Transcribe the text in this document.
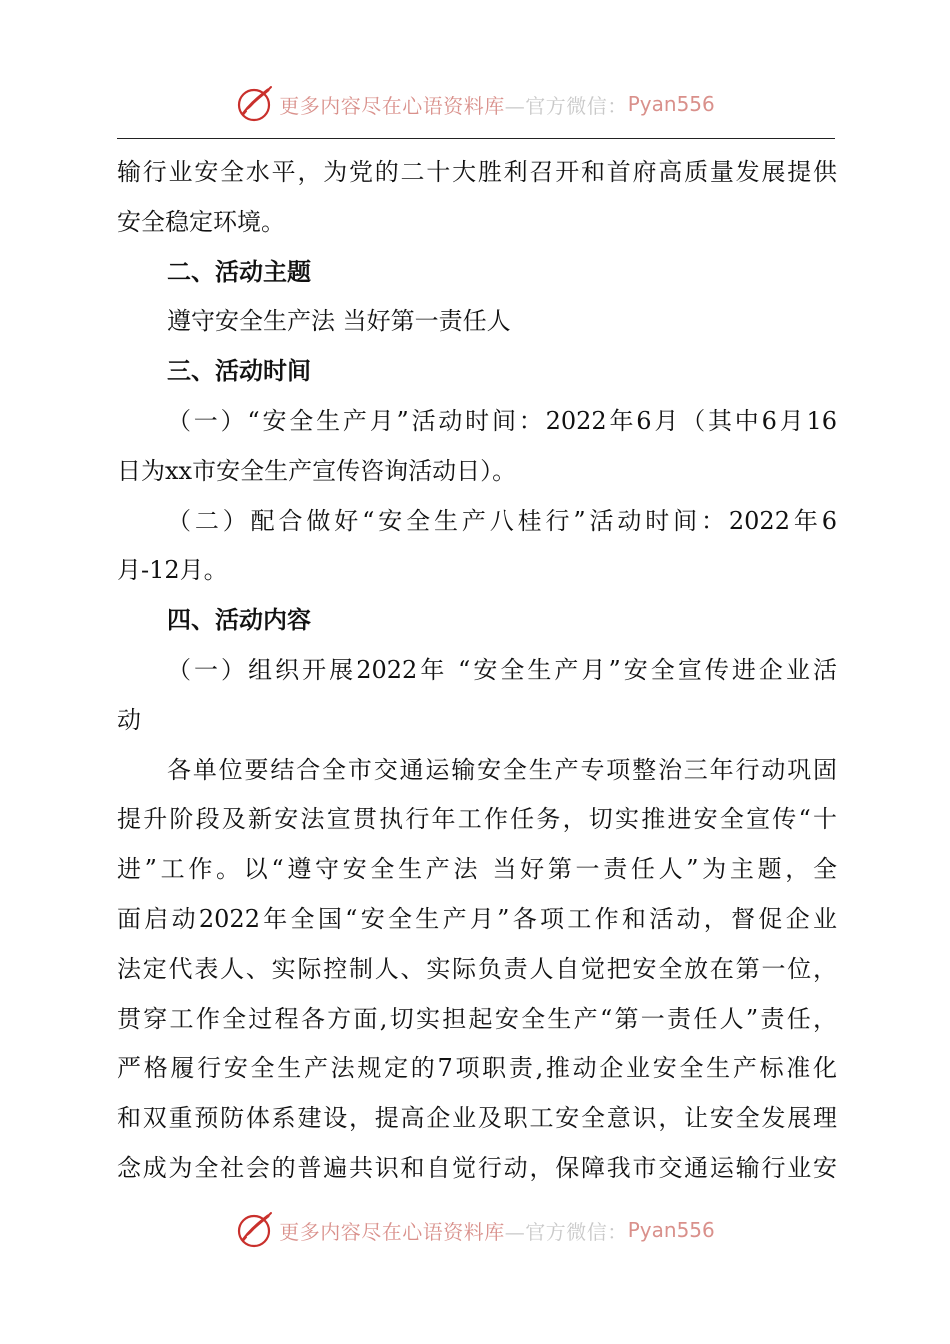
更多内容尽在心语资料库 —官方微信： Pyan556
输行业安全水平，为党的二十大胜利召开和首府高质量发展提供
安全稳定环境。
二、活动主题
遵守安全生产法 当好第一责任人
三、活动时间
（一）“安全生产月”活动时间：2022年6月（其中6月16
日为xx市安全生产宣传咨询活动日）。
（二）配合做好“安全生产八桂行”活动时间：2022年6
月-12月。
四、活动内容
（一）组织开展2022年 “安全生产月”安全宣传进企业活
动
各单位要结合全市交通运输安全生产专项整治三年行动巩固
提升阶段及新安法宣贯执行年工作任务，切实推进安全宣传“十
进”工作。以“遵守安全生产法 当好第一责任人”为主题，全
面启动2022年全国“安全生产月”各项工作和活动，督促企业
法定代表人、实际控制人、实际负责人自觉把安全放在第一位，
贯穿工作全过程各方面,切实担起安全生产“第一责任人”责任，
严格履行安全生产法规定的7项职责,推动企业安全生产标准化
和双重预防体系建设，提高企业及职工安全意识，让安全发展理
念成为全社会的普遍共识和自觉行动，保障我市交通运输行业安
更多内容尽在心语资料库 —官方微信： Pyan556
